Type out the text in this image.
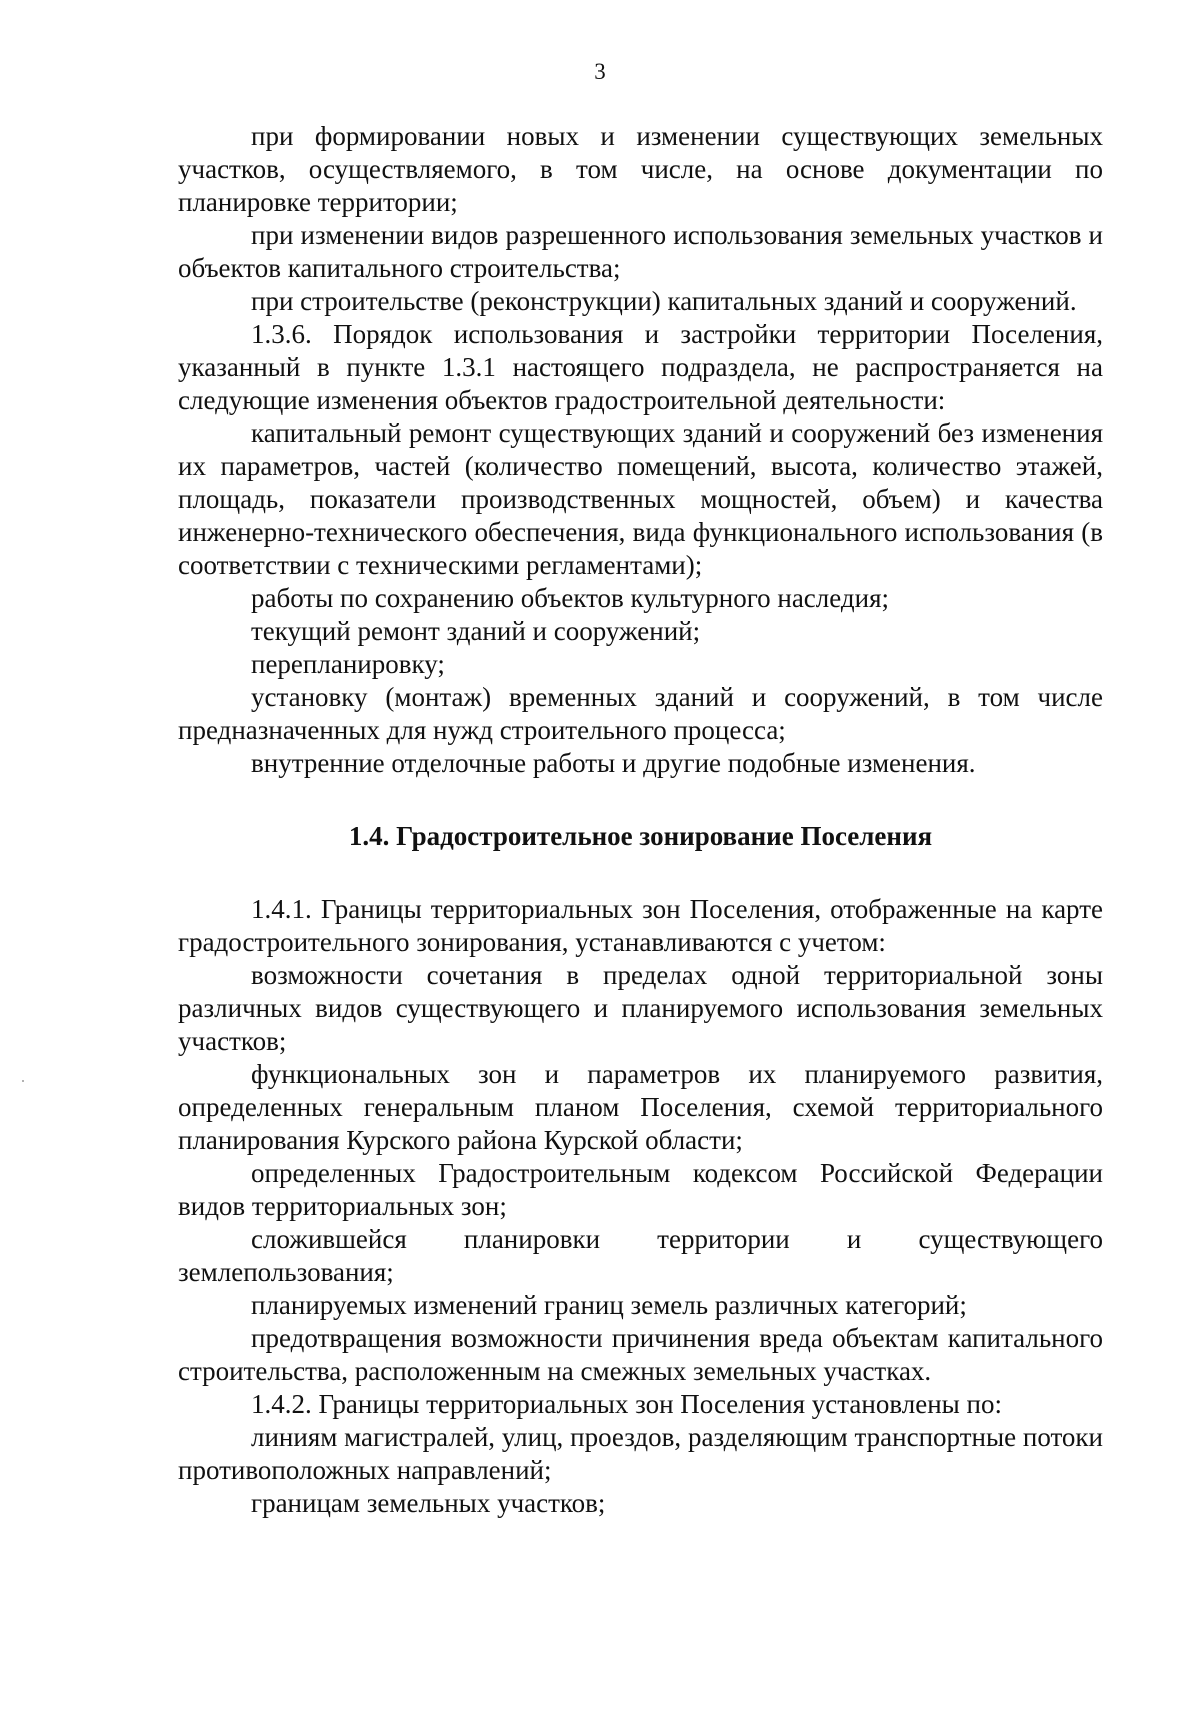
3

при формировании новых и изменении существующих земельных участков, осуществляемого, в том числе, на основе документации по планировке территории;

при изменении видов разрешенного использования земельных участков и объектов капитального строительства;

при строительстве (реконструкции) капитальных зданий и сооружений.

1.3.6. Порядок использования и застройки территории Поселения, указанный в пункте 1.3.1 настоящего подраздела, не распространяется на следующие изменения объектов градостроительной деятельности:

капитальный ремонт существующих зданий и сооружений без изменения их параметров, частей (количество помещений, высота, количество этажей, площадь, показатели производственных мощностей, объем) и качества инженерно-технического обеспечения, вида функционального использования (в соответствии с техническими регламентами);

работы по сохранению объектов культурного наследия;

текущий ремонт зданий и сооружений;

перепланировку;

установку (монтаж) временных зданий и сооружений, в том числе предназначенных для нужд строительного процесса;

внутренние отделочные работы и другие подобные изменения.

1.4. Градостроительное зонирование Поселения

1.4.1. Границы территориальных зон Поселения, отображенные на карте градостроительного зонирования, устанавливаются с учетом:

возможности сочетания в пределах одной территориальной зоны различных видов существующего и планируемого использования земельных участков;

функциональных зон и параметров их планируемого развития, определенных генеральным планом Поселения, схемой территориального планирования Курского района Курской области;

определенных Градостроительным кодексом Российской Федерации видов территориальных зон;

сложившейся планировки территории и существующего землепользования;

планируемых изменений границ земель различных категорий;

предотвращения возможности причинения вреда объектам капитального строительства, расположенным на смежных земельных участках.

1.4.2. Границы территориальных зон Поселения установлены по:

линиям магистралей, улиц, проездов, разделяющим транспортные потоки противоположных направлений;

границам земельных участков;
